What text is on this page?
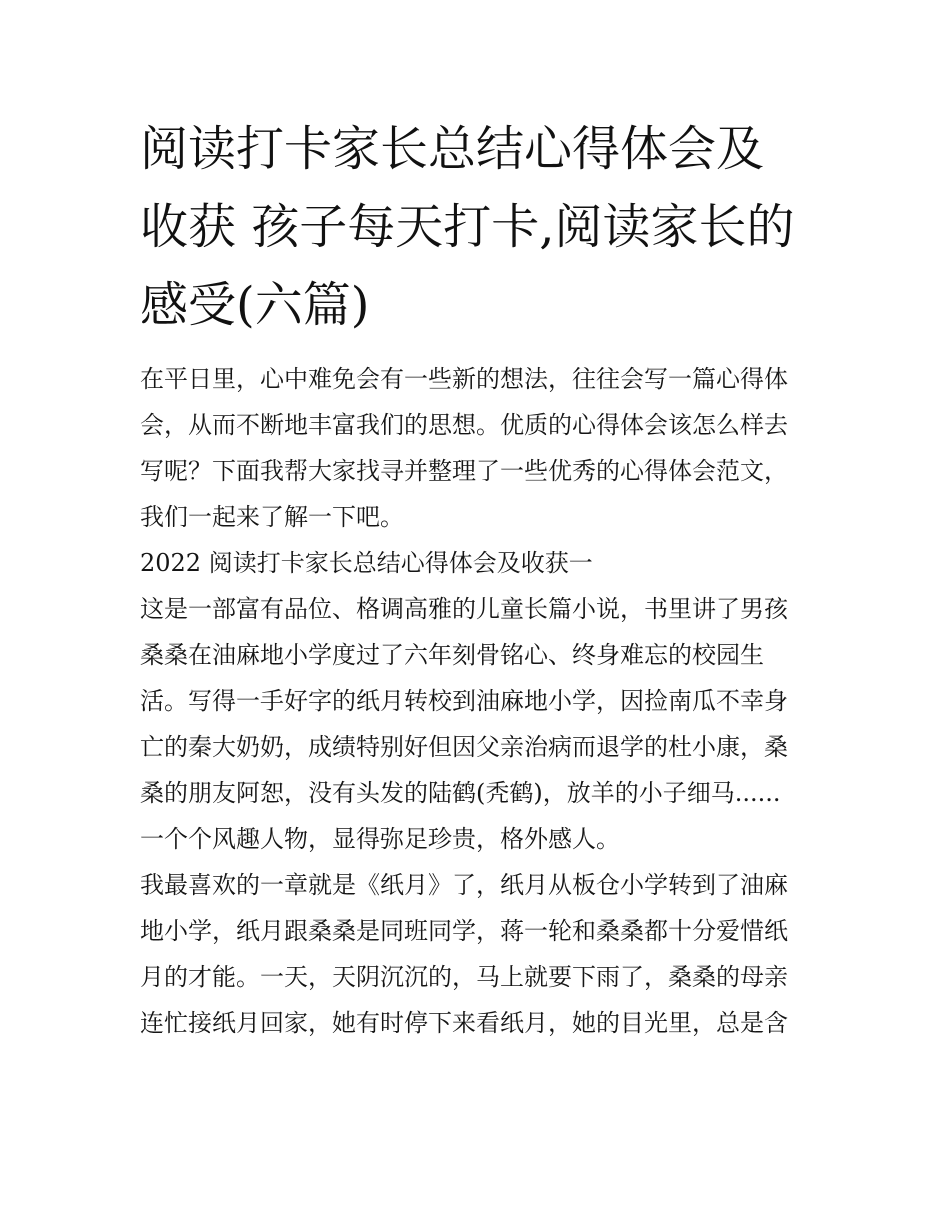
阅读打卡家长总结心得体会及
收获 孩子每天打卡,阅读家长的
感受(六篇)
在平日里，心中难免会有一些新的想法，往往会写一篇心得体
会，从而不断地丰富我们的思想。优质的心得体会该怎么样去
写呢？下面我帮大家找寻并整理了一些优秀的心得体会范文，
我们一起来了解一下吧。
2022 阅读打卡家长总结心得体会及收获一
这是一部富有品位、格调高雅的儿童长篇小说，书里讲了男孩
桑桑在油麻地小学度过了六年刻骨铭心、终身难忘的校园生
活。写得一手好字的纸月转校到油麻地小学，因捡南瓜不幸身
亡的秦大奶奶，成绩特别好但因父亲治病而退学的杜小康，桑
桑的朋友阿恕，没有头发的陆鹤(秃鹤)，放羊的小子细马......
一个个风趣人物，显得弥足珍贵，格外感人。
我最喜欢的一章就是《纸月》了，纸月从板仓小学转到了油麻
地小学，纸月跟桑桑是同班同学，蒋一轮和桑桑都十分爱惜纸
月的才能。一天，天阴沉沉的，马上就要下雨了，桑桑的母亲
连忙接纸月回家，她有时停下来看纸月，她的目光里，总是含
